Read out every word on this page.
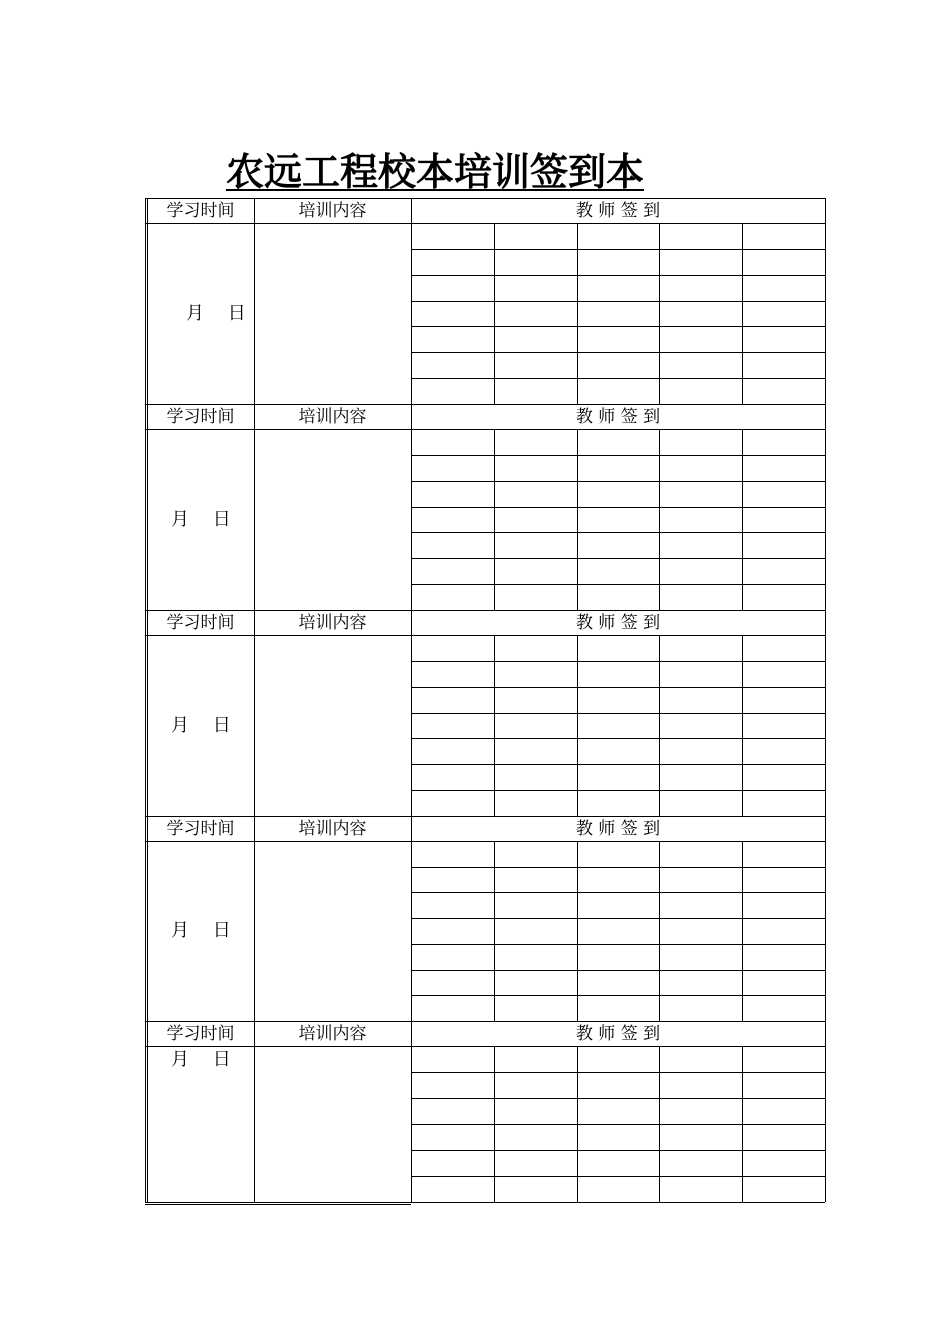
农远工程校本培训签到本
学习时间	培训内容	教 师 签 到
月　 日
学习时间	培训内容	教 师 签 到
月　 日
学习时间	培训内容	教 师 签 到
月　 日
学习时间	培训内容	教 师 签 到
月　 日
学习时间	培训内容	教 师 签 到
月　 日
